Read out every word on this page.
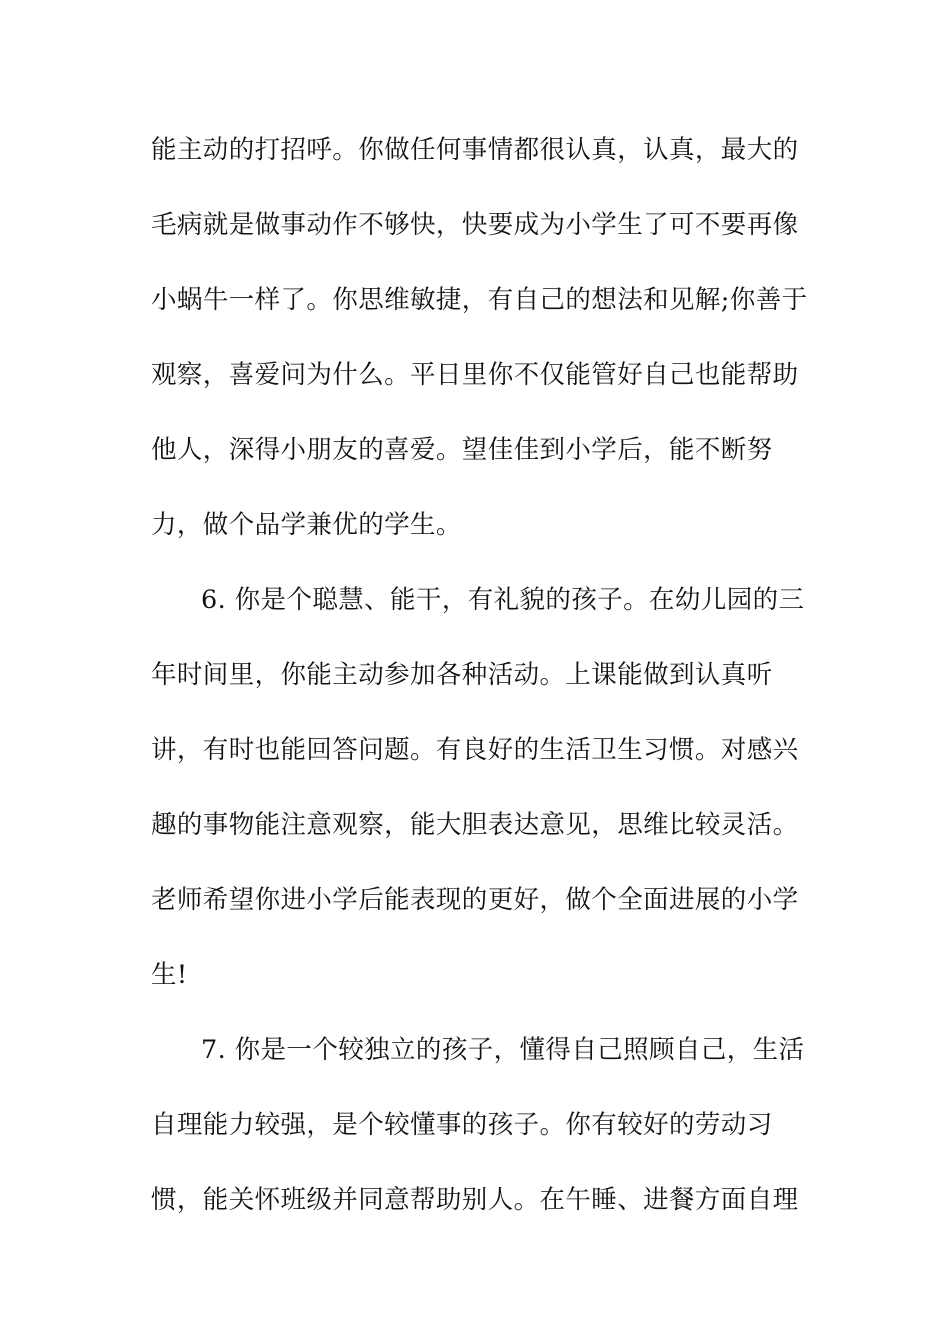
能主动的打招呼。你做任何事情都很认真，认真，最大的
毛病就是做事动作不够快，快要成为小学生了可不要再像
小蜗牛一样了。你思维敏捷，有自己的想法和见解;你善于
观察，喜爱问为什么。平日里你不仅能管好自己也能帮助
他人，深得小朋友的喜爱。望佳佳到小学后，能不断努
力，做个品学兼优的学生。
6. 你是个聪慧、能干，有礼貌的孩子。在幼儿园的三
年时间里，你能主动参加各种活动。上课能做到认真听
讲，有时也能回答问题。有良好的生活卫生习惯。对感兴
趣的事物能注意观察，能大胆表达意见，思维比较灵活。
老师希望你进小学后能表现的更好，做个全面进展的小学
生!
7. 你是一个较独立的孩子，懂得自己照顾自己，生活
自理能力较强，是个较懂事的孩子。你有较好的劳动习
惯，能关怀班级并同意帮助别人。在午睡、进餐方面自理
